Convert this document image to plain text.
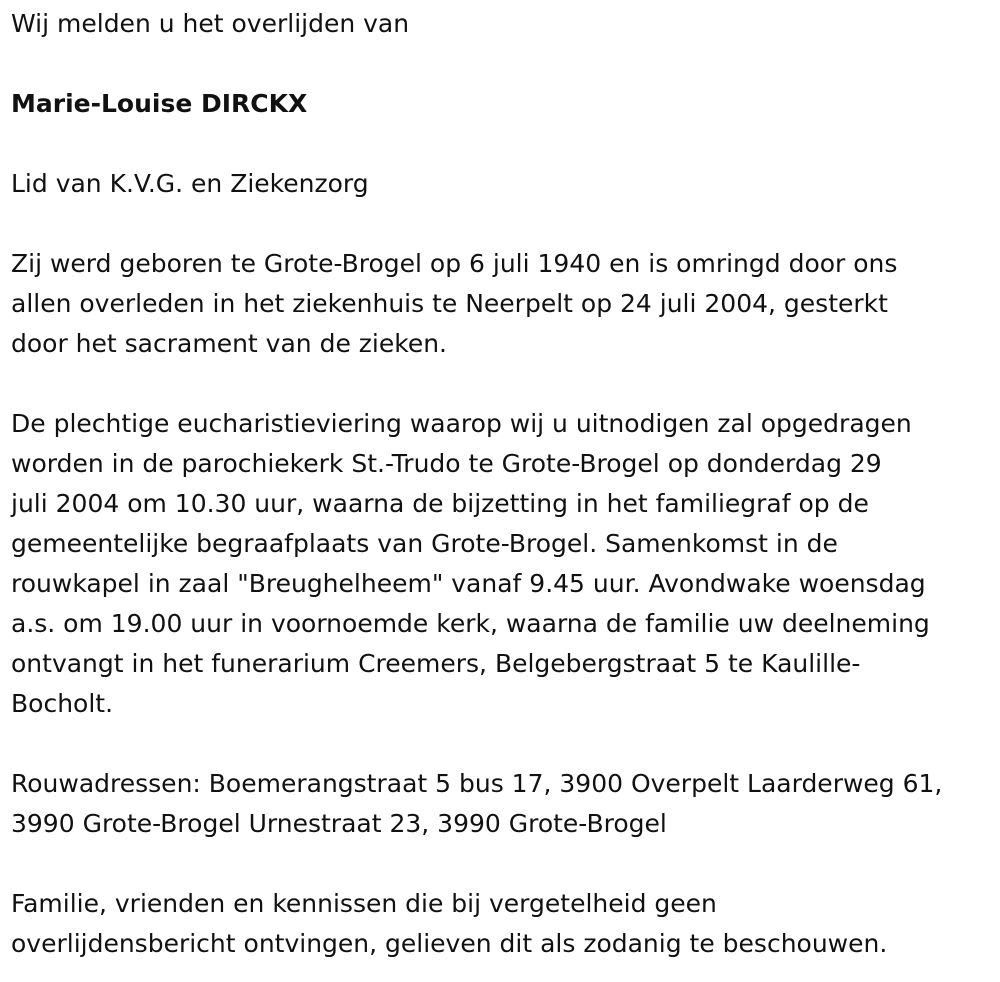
Wij melden u het overlijden van

Marie-Louise DIRCKX

Lid van K.V.G. en Ziekenzorg

Zij werd geboren te Grote-Brogel op 6 juli 1940 en is omringd door ons
allen overleden in het ziekenhuis te Neerpelt op 24 juli 2004, gesterkt
door het sacrament van de zieken.

De plechtige eucharistieviering waarop wij u uitnodigen zal opgedragen
worden in de parochiekerk St.-Trudo te Grote-Brogel op donderdag 29
juli 2004 om 10.30 uur, waarna de bijzetting in het familiegraf op de
gemeentelijke begraafplaats van Grote-Brogel. Samenkomst in de
rouwkapel in zaal "Breughelheem" vanaf 9.45 uur. Avondwake woensdag
a.s. om 19.00 uur in voornoemde kerk, waarna de familie uw deelneming
ontvangt in het funerarium Creemers, Belgebergstraat 5 te Kaulille-
Bocholt.

Rouwadressen: Boemerangstraat 5 bus 17, 3900 Overpelt Laarderweg 61,
3990 Grote-Brogel Urnestraat 23, 3990 Grote-Brogel

Familie, vrienden en kennissen die bij vergetelheid geen
overlijdensbericht ontvingen, gelieven dit als zodanig te beschouwen.
